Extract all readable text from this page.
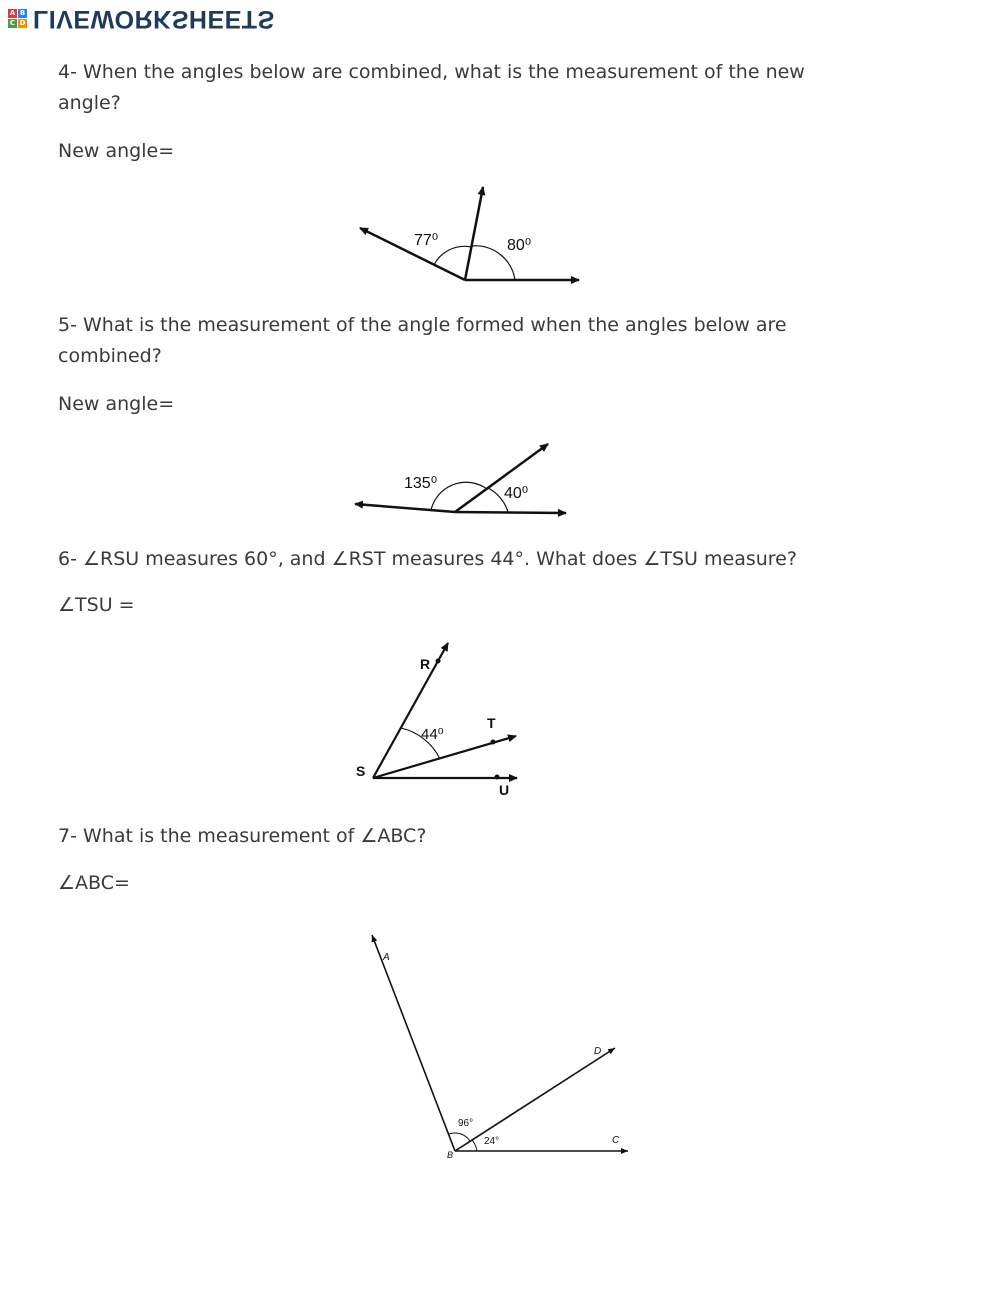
A B
C D LIVEWORKSHEETS
4- When the angles below are combined, what is the measurement of the new
angle?
New angle=
77⁰	80⁰
135⁰
40⁰
R
T
S
U
44⁰
A
B
C
D
96°
24°
5- What is the measurement of the angle formed when the angles below are
combined?
New angle=
6- ∠RSU measures 60°, and ∠RST measures 44°. What does ∠TSU measure?
∠TSU =
7- What is the measurement of ∠ABC?
∠ABC=
